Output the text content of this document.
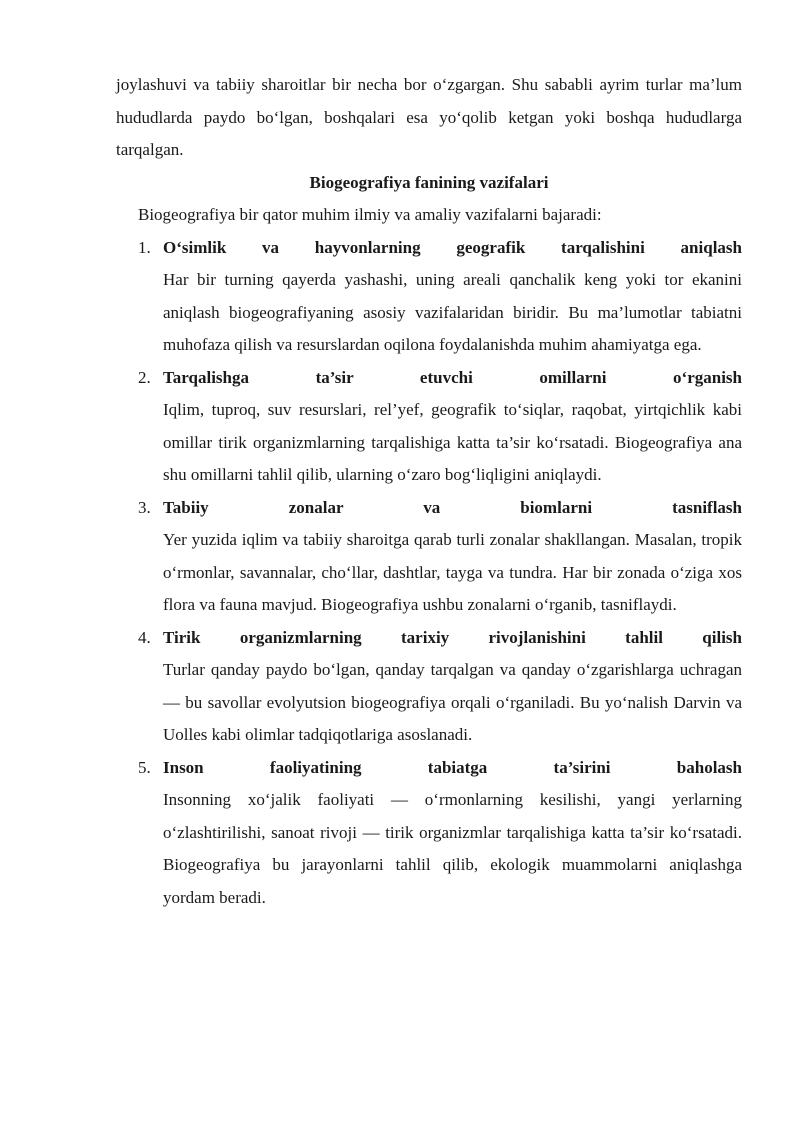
joylashuvi va tabiiy sharoitlar bir necha bor o‘zgargan. Shu sababli ayrim turlar ma’lum hududlarda paydo bo‘lgan, boshqalari esa yo‘qolib ketgan yoki boshqa hududlarga tarqalgan.

Biogeografiya fanining vazifalari

Biogeografiya bir qator muhim ilmiy va amaliy vazifalarni bajaradi:

1. O‘simlik va hayvonlarning geografik tarqalishini aniqlash

Har bir turning qayerda yashashi, uning areali qanchalik keng yoki tor ekanini aniqlash biogeografiyaning asosiy vazifalaridan biridir. Bu ma’lumotlar tabiatni muhofaza qilish va resurslardan oqilona foydalanishda muhim ahamiyatga ega.

2. Tarqalishga ta’sir etuvchi omillarni o‘rganish

Iqlim, tuproq, suv resurslari, rel’yef, geografik to‘siqlar, raqobat, yirtqichlik kabi omillar tirik organizmlarning tarqalishiga katta ta’sir ko‘rsatadi. Biogeografiya ana shu omillarni tahlil qilib, ularning o‘zaro bog‘liqligini aniqlaydi.

3. Tabiiy zonalar va biomlarni tasniflash

Yer yuzida iqlim va tabiiy sharoitga qarab turli zonalar shakllangan. Masalan, tropik o‘rmonlar, savannalar, cho‘llar, dashtlar, tayga va tundra. Har bir zonada o‘ziga xos flora va fauna mavjud. Biogeografiya ushbu zonalarni o‘rganib, tasniflaydi.

4. Tirik organizmlarning tarixiy rivojlanishini tahlil qilish

Turlar qanday paydo bo‘lgan, qanday tarqalgan va qanday o‘zgarishlarga uchragan — bu savollar evolyutsion biogeografiya orqali o‘rganiladi. Bu yo‘nalish Darvin va Uolles kabi olimlar tadqiqotlariga asoslanadi.

5. Inson faoliyatining tabiatga ta’sirini baholash

Insonning xo‘jalik faoliyati — o‘rmonlarning kesilishi, yangi yerlarning o‘zlashtirilishi, sanoat rivoji — tirik organizmlar tarqalishiga katta ta’sir ko‘rsatadi. Biogeografiya bu jarayonlarni tahlil qilib, ekologik muammolarni aniqlashga yordam beradi.
